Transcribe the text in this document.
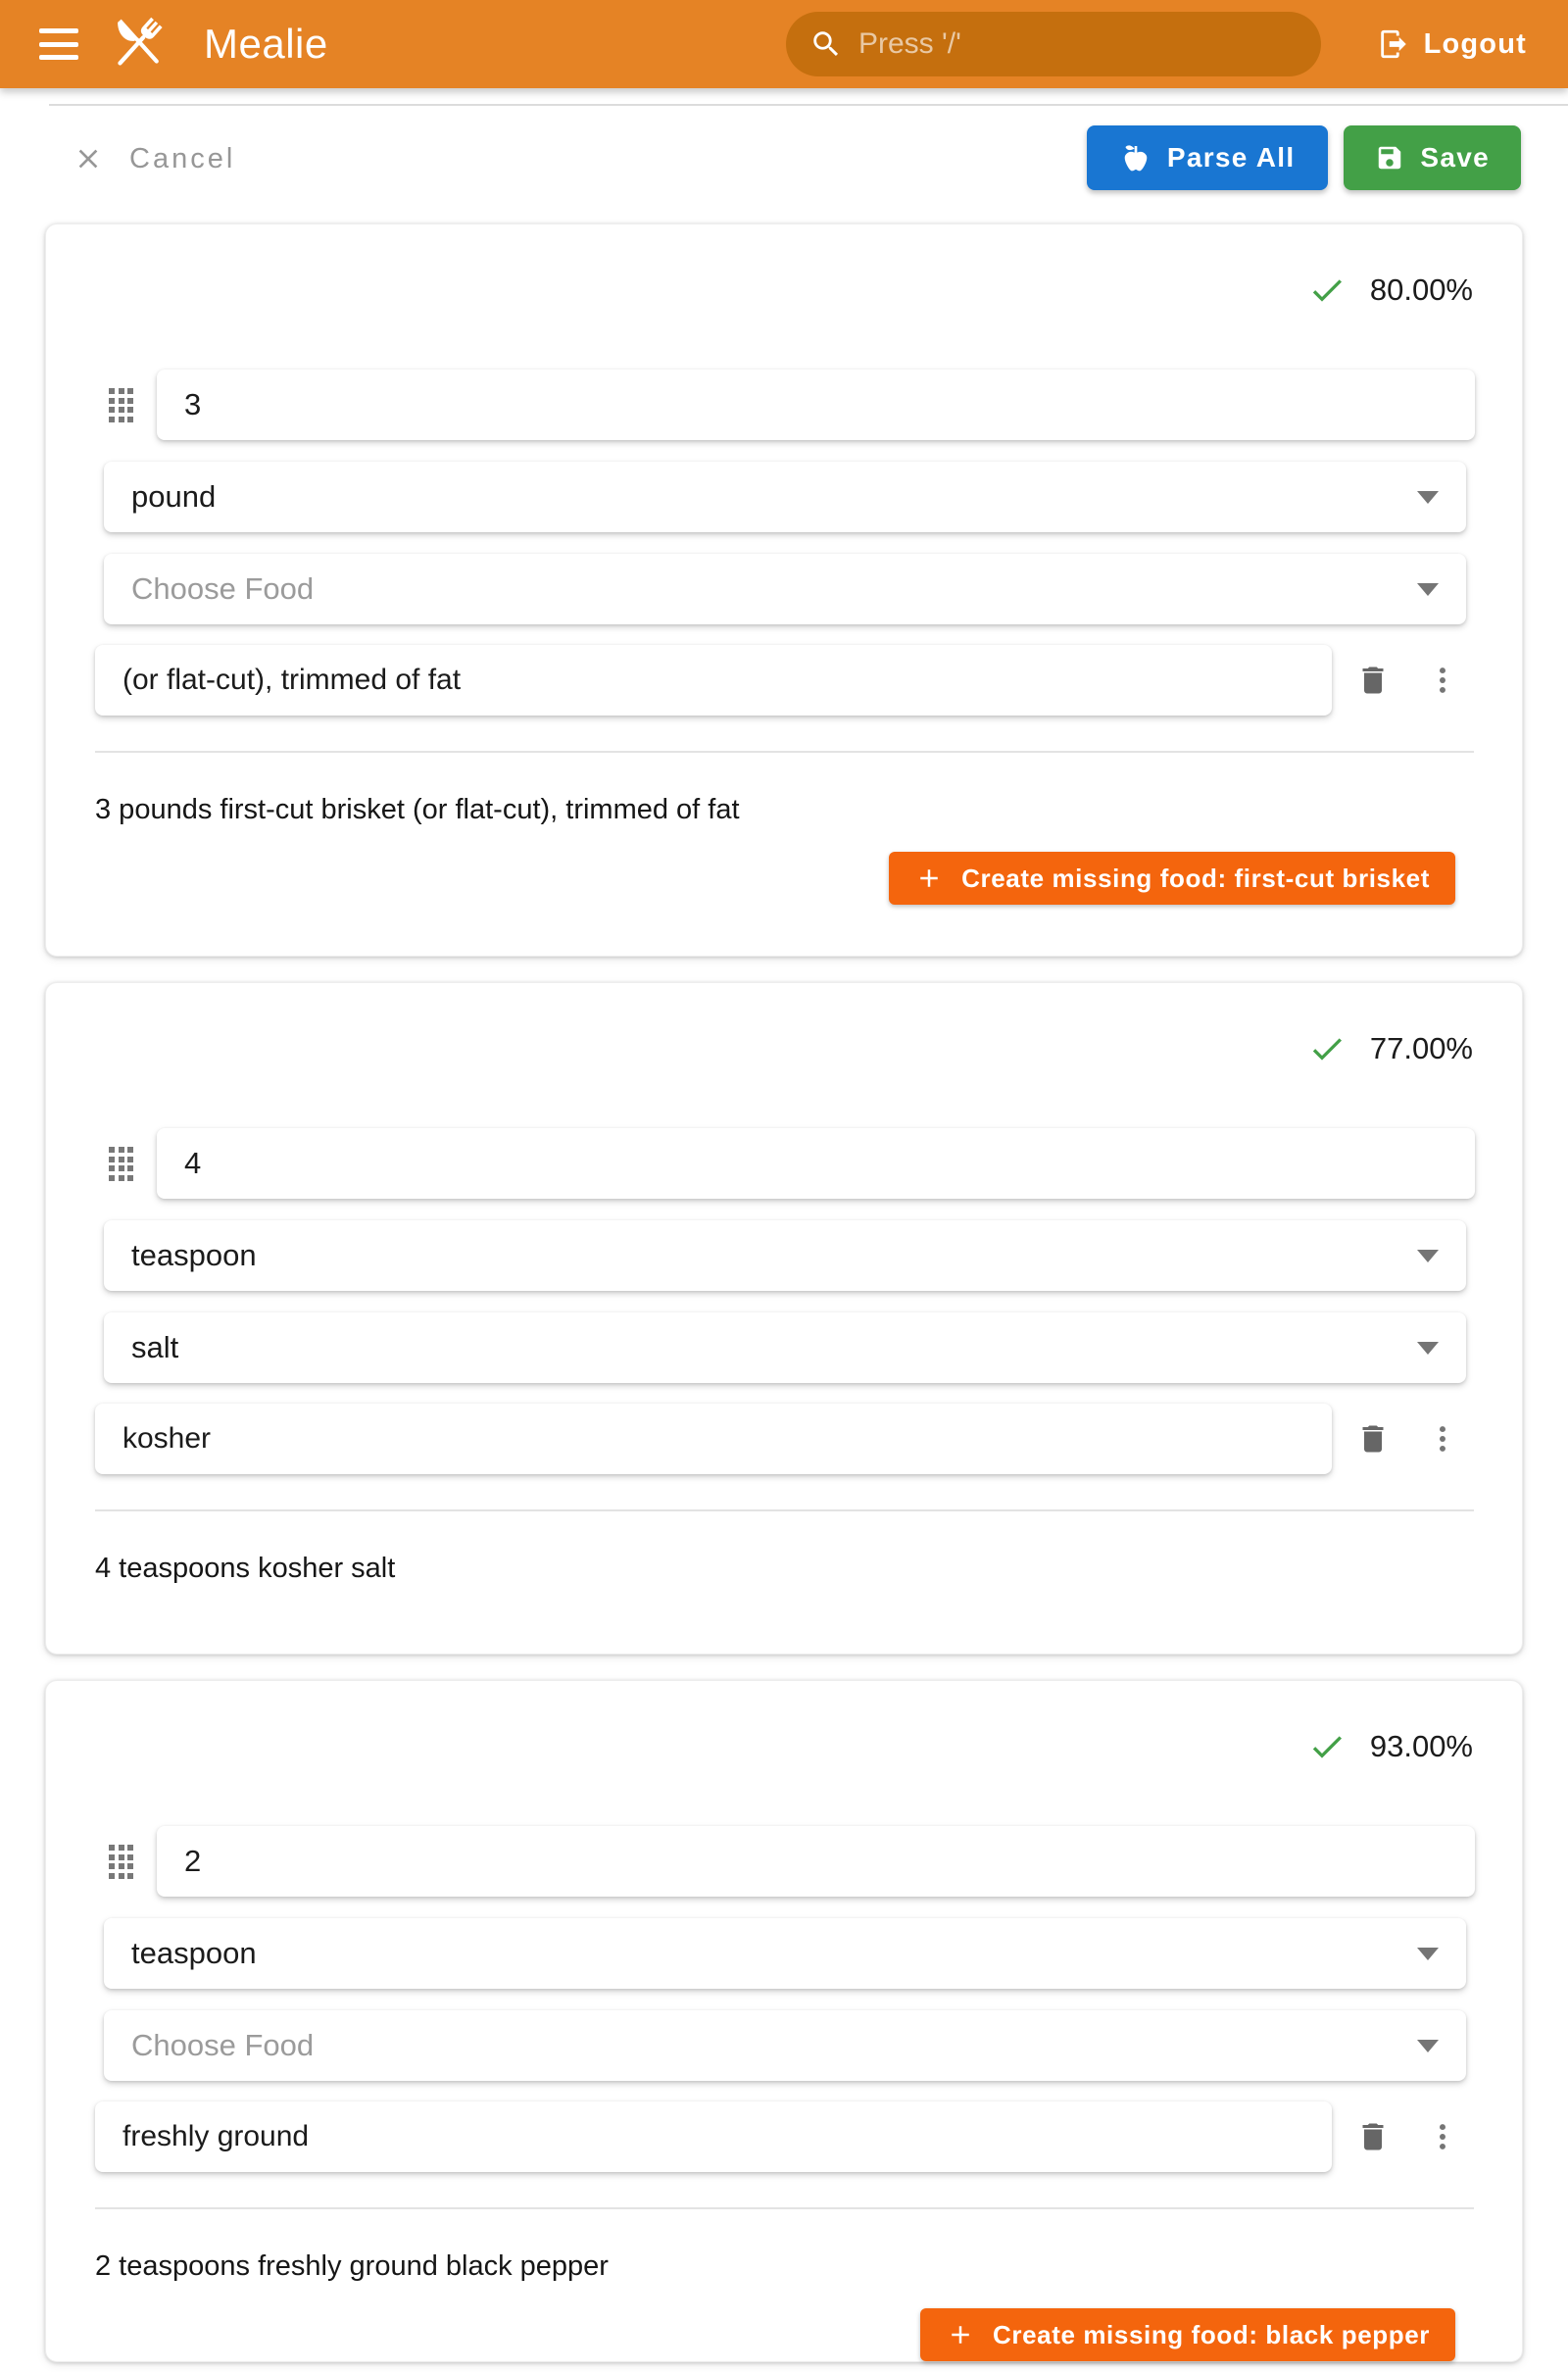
Mealie	Press '/'	Logout
Cancel	Parse All	Save
80.00%
3
pound
Choose Food
(or flat-cut), trimmed of fat
3 pounds first-cut brisket (or flat-cut), trimmed of fat
Create missing food: first-cut brisket
77.00%
4
teaspoon
salt
kosher
4 teaspoons kosher salt
93.00%
2
teaspoon
Choose Food
freshly ground
2 teaspoons freshly ground black pepper
Create missing food: black pepper
